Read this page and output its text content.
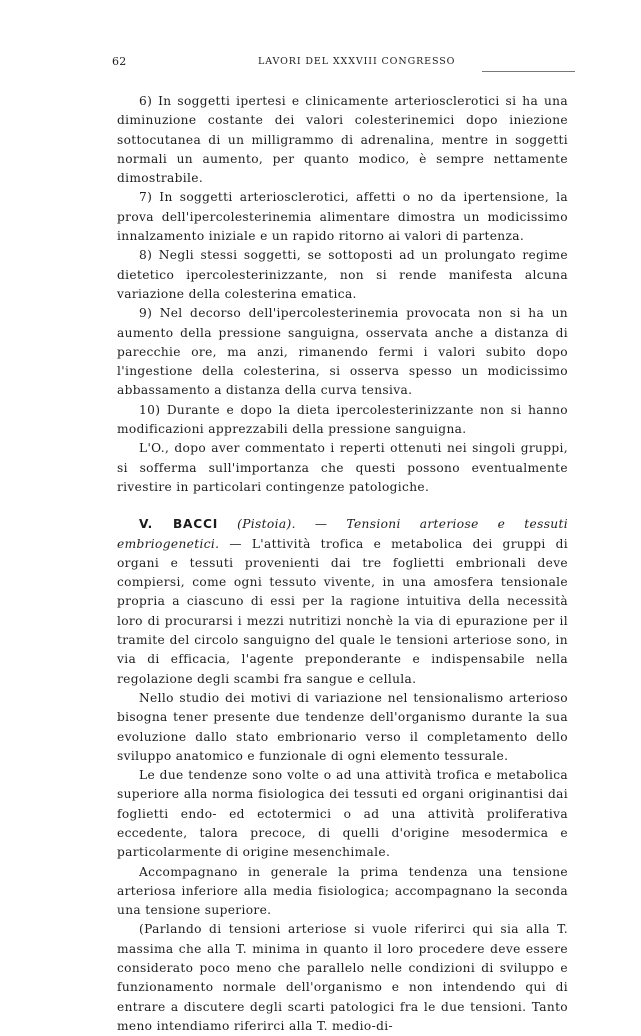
62	LAVORI DEL XXXVIII CONGRESSO

6) In soggetti ipertesi e clinicamente arteriosclerotici si ha una diminuzione costante dei valori colesterinemici dopo iniezione sottocutanea di un milligrammo di adrenalina, mentre in soggetti normali un aumento, per quanto modico, è sempre nettamente dimostrabile.

7) In soggetti arteriosclerotici, affetti o no da ipertensione, la prova dell'ipercolesterinemia alimentare dimostra un modicissimo innalzamento iniziale e un rapido ritorno ai valori di partenza.

8) Negli stessi soggetti, se sottoposti ad un prolungato regime dietetico ipercolesterinizzante, non si rende manifesta alcuna variazione della colesterina ematica.

9) Nel decorso dell'ipercolesterinemia provocata non si ha un aumento della pressione sanguigna, osservata anche a distanza di parecchie ore, ma anzi, rimanendo fermi i valori subito dopo l'ingestione della colesterina, si osserva spesso un modicissimo abbassamento a distanza della curva tensiva.

10) Durante e dopo la dieta ipercolesterinizzante non si hanno modificazioni apprezzabili della pressione sanguigna.

L'O., dopo aver commentato i reperti ottenuti nei singoli gruppi, si sofferma sull'importanza che questi possono eventualmente rivestire in particolari contingenze patologiche.

V. BACCI (Pistoia). — Tensioni arteriose e tessuti embriogenetici. — L'attività trofica e metabolica dei gruppi di organi e tessuti provenienti dai tre foglietti embrionali deve compiersi, come ogni tessuto vivente, in una amosfera tensionale propria a ciascuno di essi per la ragione intuitiva della necessità loro di procurarsi i mezzi nutritizi nonchè la via di epurazione per il tramite del circolo sanguigno del quale le tensioni arteriose sono, in via di efficacia, l'agente preponderante e indispensabile nella regolazione degli scambi fra sangue e cellula.

Nello studio dei motivi di variazione nel tensionalismo arterioso bisogna tener presente due tendenze dell'organismo durante la sua evoluzione dallo stato embrionario verso il completamento dello sviluppo anatomico e funzionale di ogni elemento tessurale.

Le due tendenze sono volte o ad una attività trofica e metabolica superiore alla norma fisiologica dei tessuti ed organi originantisi dai foglietti endo- ed ectotermici o ad una attività proliferativa eccedente, talora precoce, di quelli d'origine mesodermica e particolarmente di origine mesenchimale.

Accompagnano in generale la prima tendenza una tensione arteriosa inferiore alla media fisiologica; accompagnano la seconda una tensione superiore.

(Parlando di tensioni arteriose si vuole riferirci qui sia alla T. massima che alla T. minima in quanto il loro procedere deve essere considerato poco meno che parallelo nelle condizioni di sviluppo e funzionamento normale dell'organismo e non intendendo qui di entrare a discutere degli scarti patologici fra le due tensioni. Tanto meno intendiamo riferirci alla T. medio-di-
